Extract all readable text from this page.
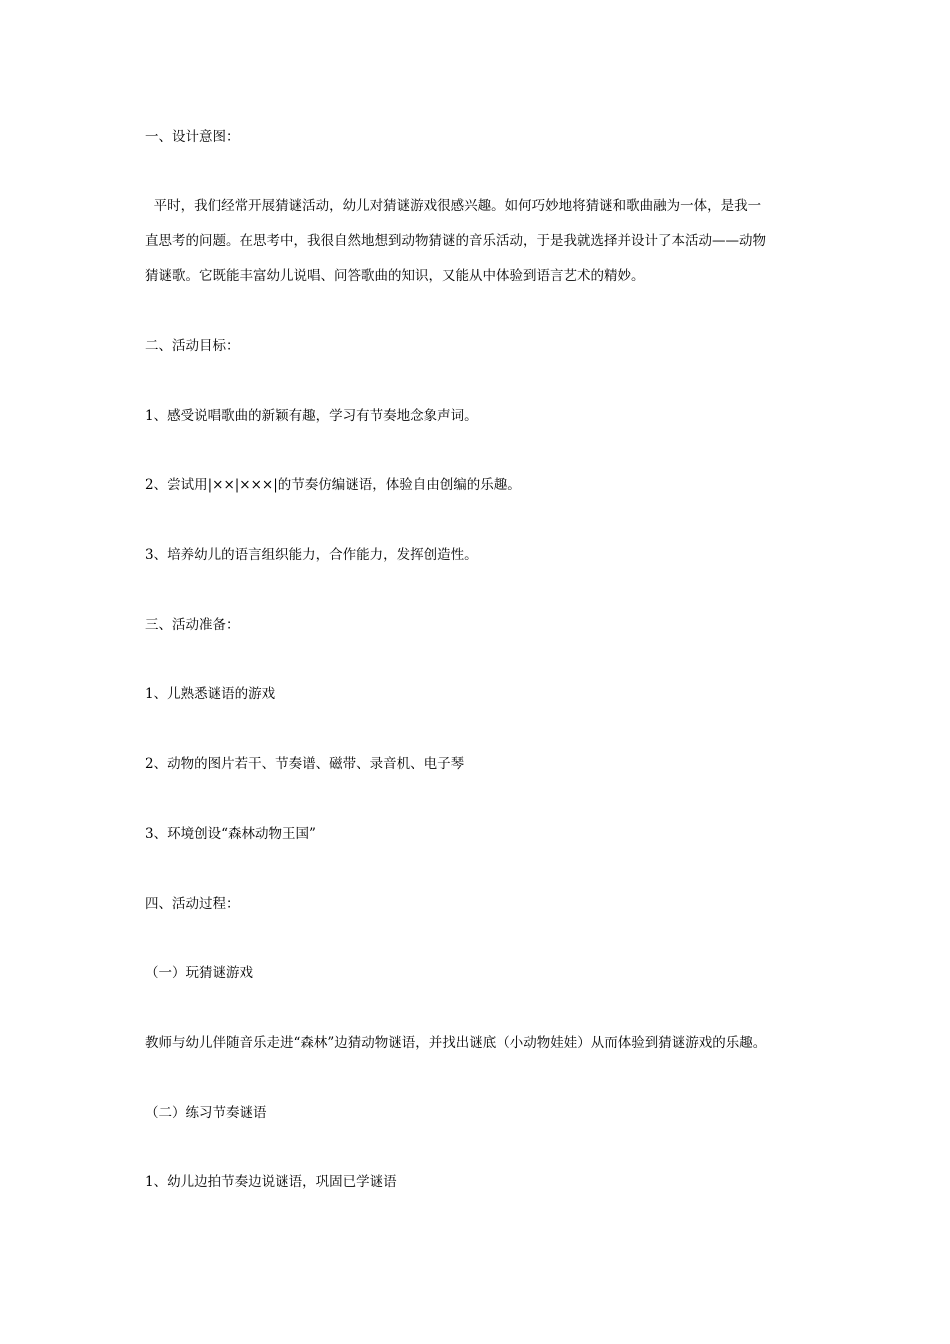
一、设计意图：
平时，我们经常开展猜谜活动，幼儿对猜谜游戏很感兴趣。如何巧妙地将猜谜和歌曲融为一体，是我一
直思考的问题。在思考中，我很自然地想到动物猜谜的音乐活动，于是我就选择并设计了本活动——动物
猜谜歌。它既能丰富幼儿说唱、问答歌曲的知识，又能从中体验到语言艺术的精妙。
二、活动目标：
1、感受说唱歌曲的新颖有趣，学习有节奏地念象声词。
2、尝试用|××|×××|的节奏仿编谜语，体验自由创编的乐趣。
3、培养幼儿的语言组织能力，合作能力，发挥创造性。
三、活动准备：
1、儿熟悉谜语的游戏
2、动物的图片若干、节奏谱、磁带、录音机、电子琴
3、环境创设“森林动物王国”
四、活动过程：
（一）玩猜谜游戏
教师与幼儿伴随音乐走进“森林”边猜动物谜语，并找出谜底（小动物娃娃）从而体验到猜谜游戏的乐趣。
（二）练习节奏谜语
1、幼儿边拍节奏边说谜语，巩固已学谜语
